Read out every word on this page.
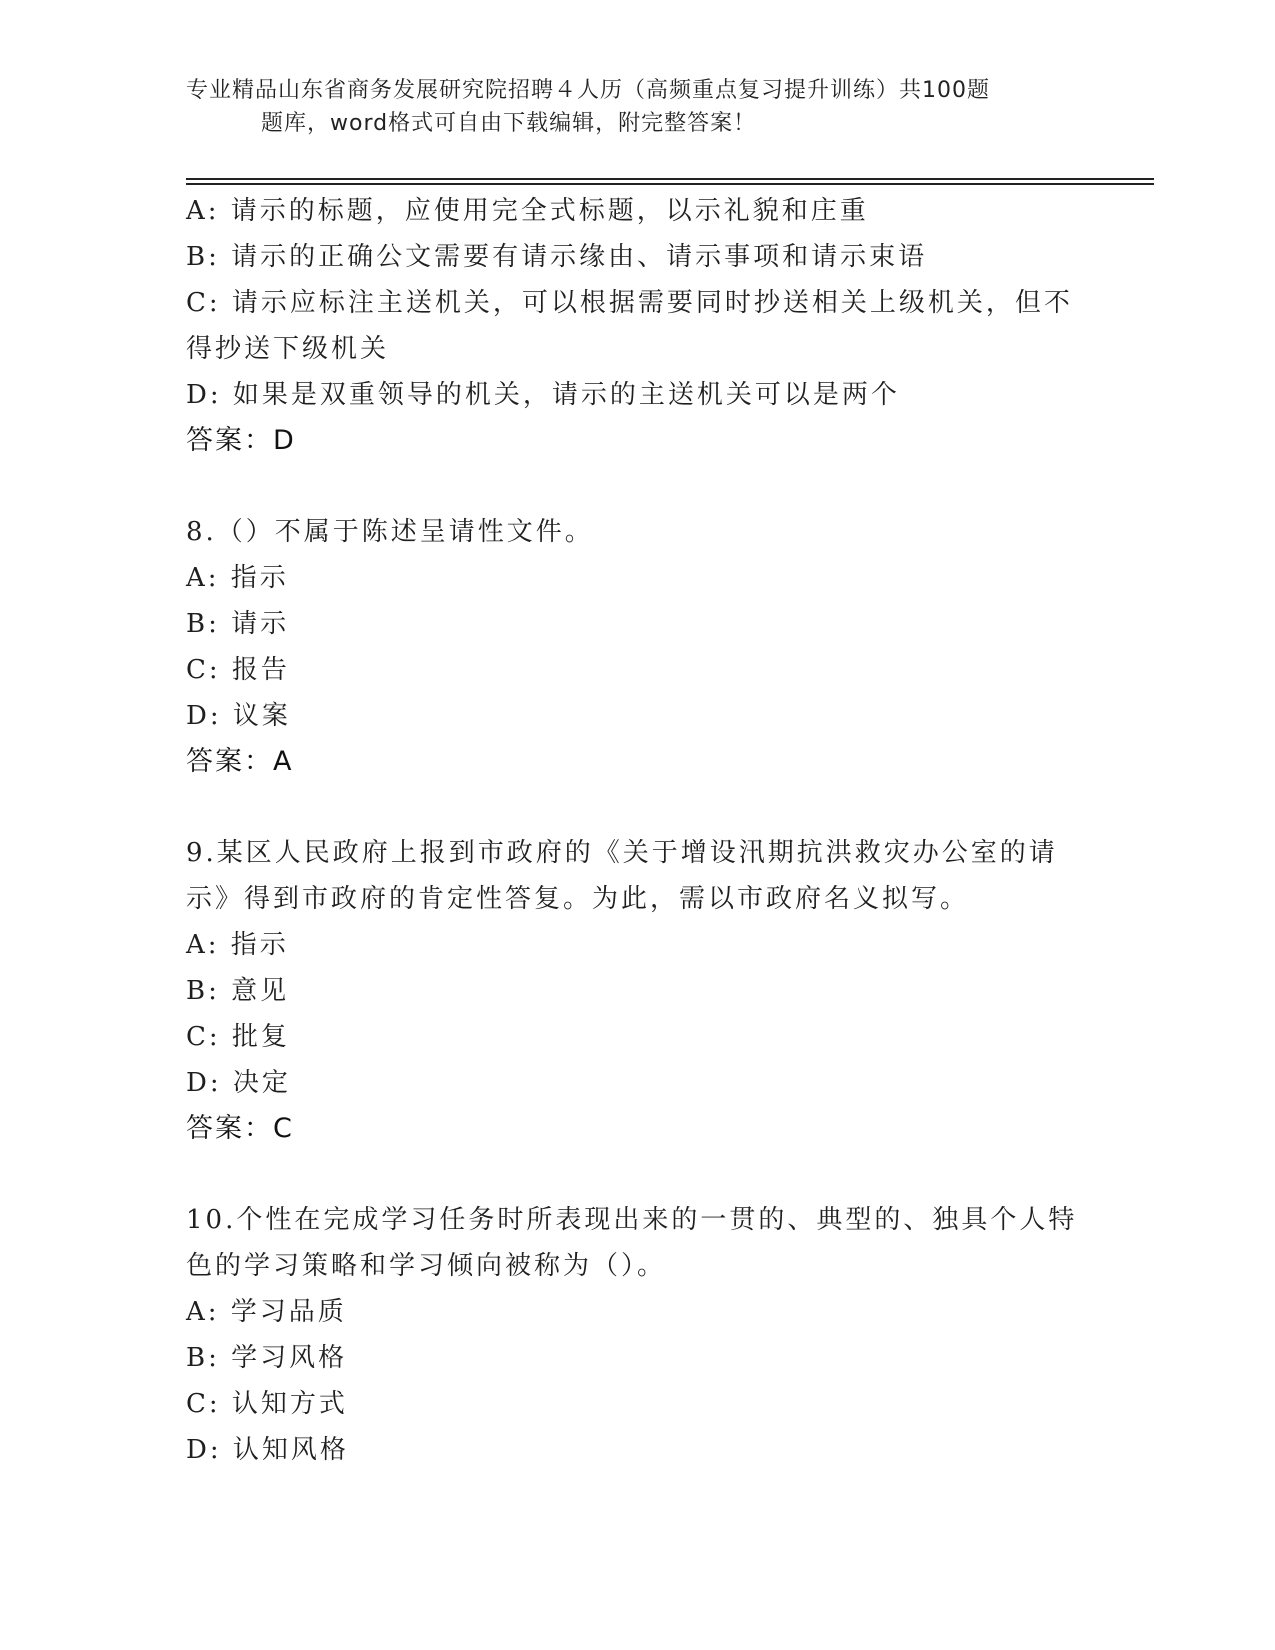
专业精品山东省商务发展研究院招聘４人历（高频重点复习提升训练）共100题
题库，word格式可自由下载编辑，附完整答案！
A: 请示的标题，应使用完全式标题，以示礼貌和庄重
B: 请示的正确公文需要有请示缘由、请示事项和请示束语
C: 请示应标注主送机关，可以根据需要同时抄送相关上级机关，但不
得抄送下级机关
D: 如果是双重领导的机关，请示的主送机关可以是两个
答案：D
8.（）不属于陈述呈请性文件。
A: 指示
B: 请示
C: 报告
D: 议案
答案：A
9.某区人民政府上报到市政府的《关于增设汛期抗洪救灾办公室的请
示》得到市政府的肯定性答复。为此，需以市政府名义拟写。
A: 指示
B: 意见
C: 批复
D: 决定
答案：C
10.个性在完成学习任务时所表现出来的一贯的、典型的、独具个人特
色的学习策略和学习倾向被称为（）。
A: 学习品质
B: 学习风格
C: 认知方式
D: 认知风格
